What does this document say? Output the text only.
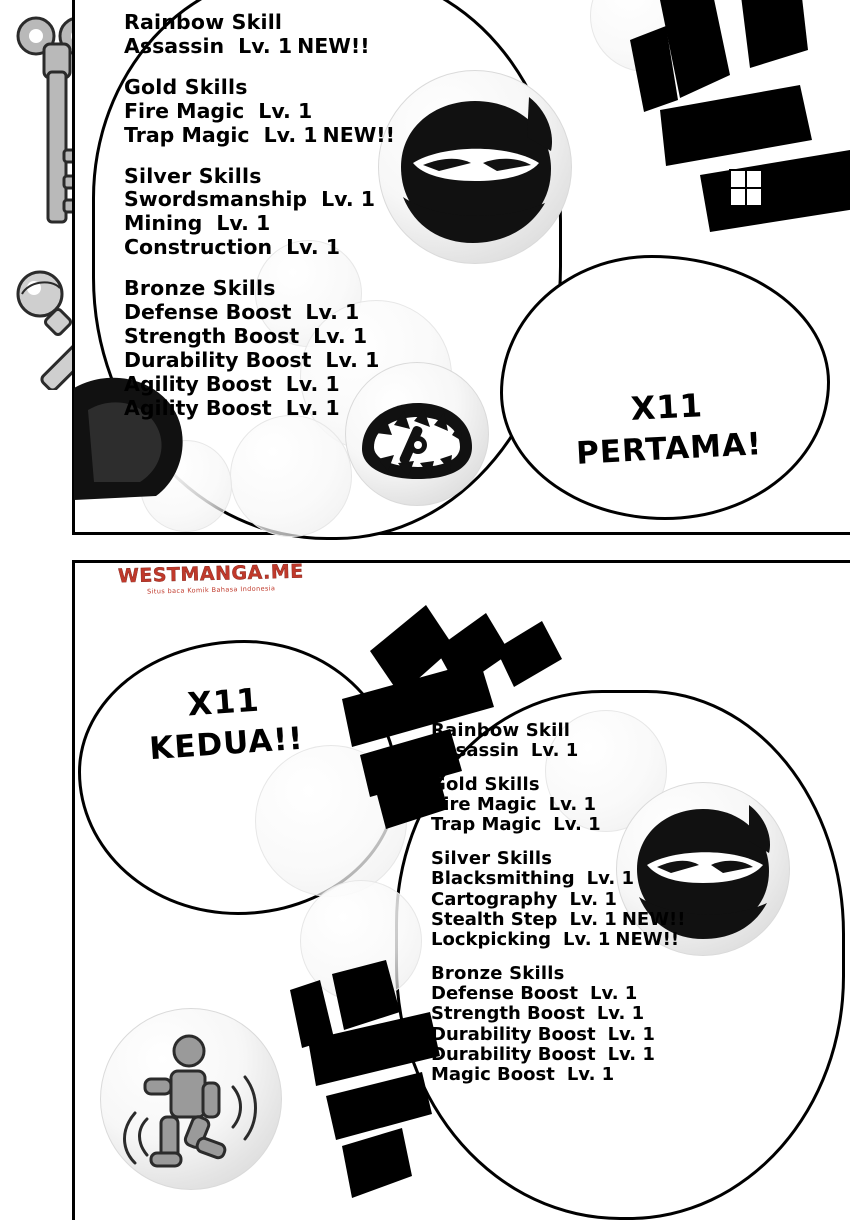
X11
PERTAMA!
Rainbow Skill
Assassin Lv. 1 NEW!!
Gold Skills
Fire Magic Lv. 1
Trap Magic Lv. 1 NEW!!
Silver Skills
Swordsmanship Lv. 1
Mining Lv. 1
Construction Lv. 1
Bronze Skills
Defense Boost Lv. 1
Strength Boost Lv. 1
Durability Boost Lv. 1
Agility Boost Lv. 1
Agility Boost Lv. 1
WESTMANGA.ME
Situs baca Komik Bahasa Indonesia
X11
KEDUA!!	Rainbow Skill
Assassin Lv. 1
Gold Skills
Fire Magic Lv. 1
Trap Magic Lv. 1
Silver Skills
Blacksmithing Lv. 1
Cartography Lv. 1
Stealth Step Lv. 1 NEW!!
Lockpicking Lv. 1 NEW!!
Bronze Skills
Defense Boost Lv. 1
Strength Boost Lv. 1
Durability Boost Lv. 1
Durability Boost Lv. 1
Magic Boost Lv. 1
